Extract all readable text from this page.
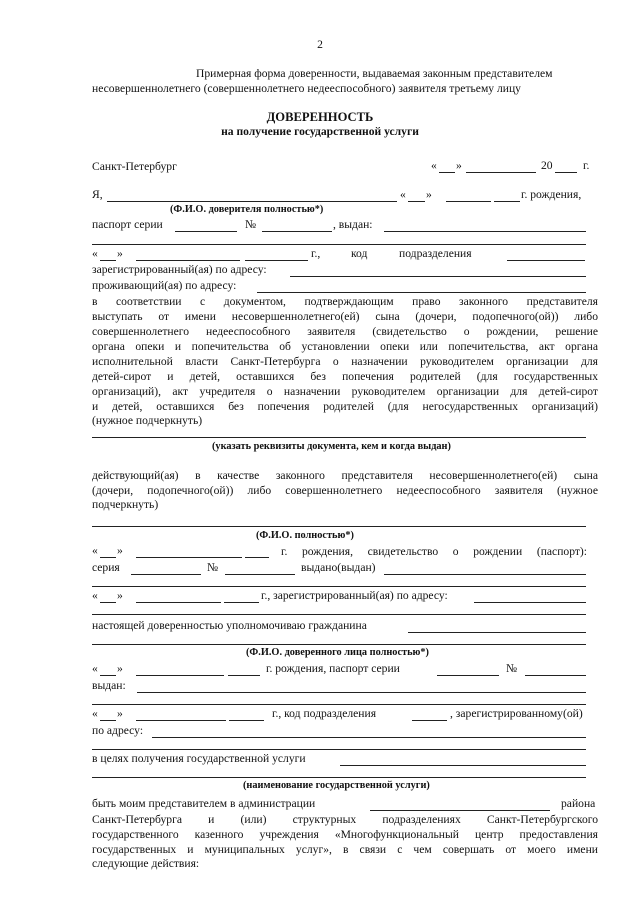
2
Примерная форма доверенности, выдаваемая законным представителем
несовершеннолетнего (совершеннолетнего недееспособного) заявителя третьему лицу
ДОВЕРЕННОСТЬ
на получение государственной услуги
Санкт-Петербург	« »	20	г.
Я,	« »	г. рождения,
(Ф.И.О. доверителя полностью*)
паспорт серии	№	, выдан:
« »	г.,	код	подразделения
зарегистрированный(ая) по адресу:
проживающий(ая) по адресу:
в соответствии с документом, подтверждающим право законного представителя
выступать от имени несовершеннолетнего(ей) сына (дочери, подопечного(ой)) либо
совершеннолетнего недееспособного заявителя (свидетельство о рождении, решение
органа опеки и попечительства об установлении опеки или попечительства, акт органа
исполнительной власти Санкт-Петербурга о назначении руководителем организации для
детей-сирот и детей, оставшихся без попечения родителей (для государственных
организаций), акт учредителя о назначении руководителем организации для детей-сирот
и детей, оставшихся без попечения родителей (для негосударственных организаций)
(нужное подчеркнуть)
(указать реквизиты документа, кем и когда выдан)
действующий(ая) в качестве законного представителя несовершеннолетнего(ей) сына
(дочери, подопечного(ой)) либо совершеннолетнего недееспособного заявителя (нужное
подчеркнуть)
(Ф.И.О. полностью*)
« »	г. рождения, свидетельство о рождении (паспорт):
серия	№	выдано(выдан)
« »	г., зарегистрированный(ая) по адресу:
настоящей доверенностью уполномочиваю гражданина
(Ф.И.О. доверенного лица полностью*)
« »	г. рождения, паспорт серии	№
выдан:
« »	г., код подразделения	, зарегистрированному(ой)
по адресу:
в целях получения государственной услуги
(наименование государственной услуги)
быть моим представителем в администрации	района
Санкт-Петербурга и (или) структурных подразделениях Санкт-Петербургского
государственного казенного учреждения «Многофункциональный центр предоставления
государственных и муниципальных услуг», в связи с чем совершать от моего имени
следующие действия:
